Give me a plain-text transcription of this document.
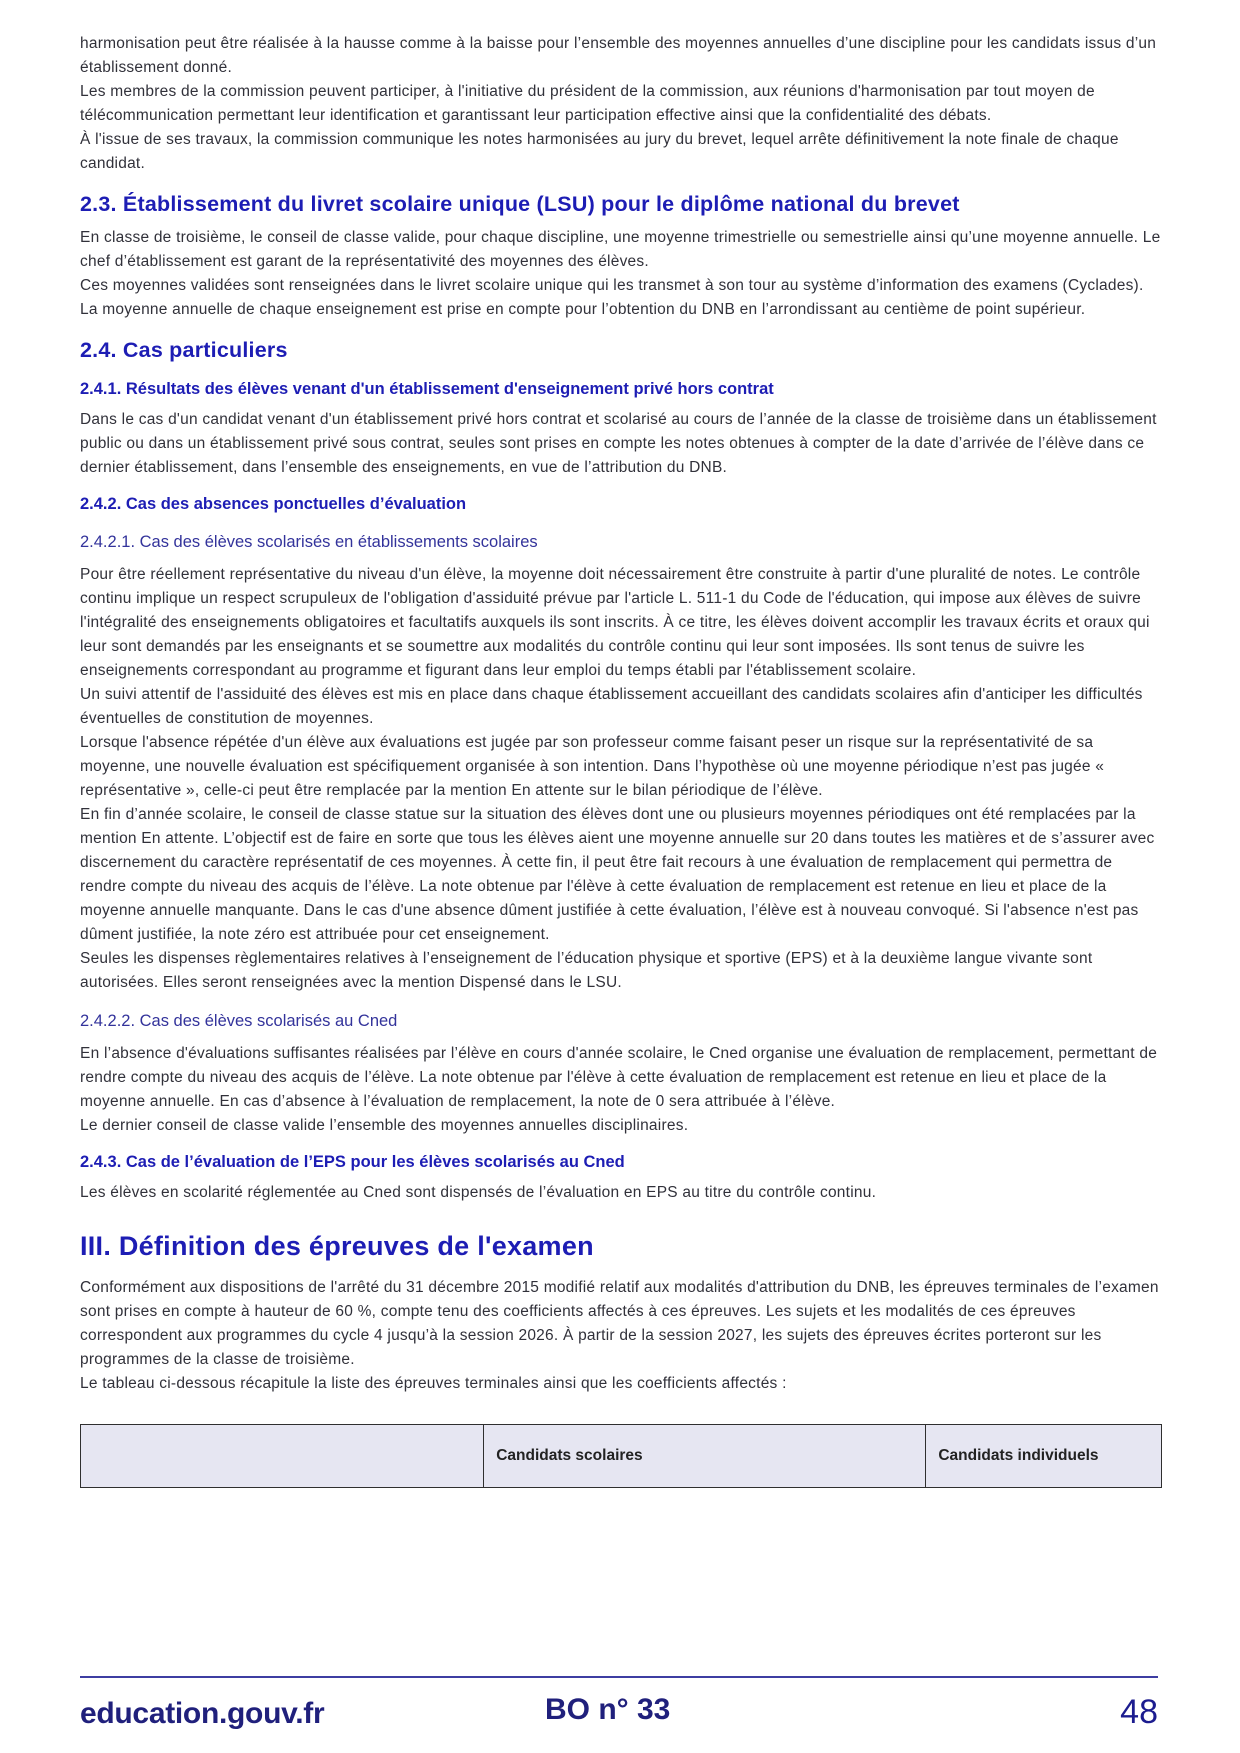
harmonisation peut être réalisée à la hausse comme à la baisse pour l’ensemble des moyennes annuelles d’une discipline pour les candidats issus d’un établissement donné.

Les membres de la commission peuvent participer, à l'initiative du président de la commission, aux réunions d'harmonisation par tout moyen de télécommunication permettant leur identification et garantissant leur participation effective ainsi que la confidentialité des débats.

À l'issue de ses travaux, la commission communique les notes harmonisées au jury du brevet, lequel arrête définitivement la note finale de chaque candidat.

2.3. Établissement du livret scolaire unique (LSU) pour le diplôme national du brevet

En classe de troisième, le conseil de classe valide, pour chaque discipline, une moyenne trimestrielle ou semestrielle ainsi qu’une moyenne annuelle. Le chef d’établissement est garant de la représentativité des moyennes des élèves.

Ces moyennes validées sont renseignées dans le livret scolaire unique qui les transmet à son tour au système d’information des examens (Cyclades). La moyenne annuelle de chaque enseignement est prise en compte pour l’obtention du DNB en l’arrondissant au centième de point supérieur.

2.4. Cas particuliers
2.4.1. Résultats des élèves venant d'un établissement d'enseignement privé hors contrat

Dans le cas d'un candidat venant d'un établissement privé hors contrat et scolarisé au cours de l’année de la classe de troisième dans un établissement public ou dans un établissement privé sous contrat, seules sont prises en compte les notes obtenues à compter de la date d’arrivée de l’élève dans ce dernier établissement, dans l’ensemble des enseignements, en vue de l’attribution du DNB.

2.4.2. Cas des absences ponctuelles d’évaluation
2.4.2.1. Cas des élèves scolarisés en établissements scolaires

Pour être réellement représentative du niveau d'un élève, la moyenne doit nécessairement être construite à partir d'une pluralité de notes. Le contrôle continu implique un respect scrupuleux de l'obligation d'assiduité prévue par l'article L. 511-1 du Code de l'éducation, qui impose aux élèves de suivre l'intégralité des enseignements obligatoires et facultatifs auxquels ils sont inscrits. À ce titre, les élèves doivent accomplir les travaux écrits et oraux qui leur sont demandés par les enseignants et se soumettre aux modalités du contrôle continu qui leur sont imposées. Ils sont tenus de suivre les enseignements correspondant au programme et figurant dans leur emploi du temps établi par l'établissement scolaire.

Un suivi attentif de l'assiduité des élèves est mis en place dans chaque établissement accueillant des candidats scolaires afin d'anticiper les difficultés éventuelles de constitution de moyennes.

Lorsque l'absence répétée d'un élève aux évaluations est jugée par son professeur comme faisant peser un risque sur la représentativité de sa moyenne, une nouvelle évaluation est spécifiquement organisée à son intention. Dans l’hypothèse où une moyenne périodique n’est pas jugée « représentative », celle-ci peut être remplacée par la mention En attente sur le bilan périodique de l’élève.

En fin d’année scolaire, le conseil de classe statue sur la situation des élèves dont une ou plusieurs moyennes périodiques ont été remplacées par la mention En attente. L’objectif est de faire en sorte que tous les élèves aient une moyenne annuelle sur 20 dans toutes les matières et de s’assurer avec discernement du caractère représentatif de ces moyennes. À cette fin, il peut être fait recours à une évaluation de remplacement qui permettra de rendre compte du niveau des acquis de l’élève. La note obtenue par l'élève à cette évaluation de remplacement est retenue en lieu et place de la moyenne annuelle manquante. Dans le cas d'une absence dûment justifiée à cette évaluation, l’élève est à nouveau convoqué. Si l'absence n'est pas dûment justifiée, la note zéro est attribuée pour cet enseignement.

Seules les dispenses règlementaires relatives à l’enseignement de l’éducation physique et sportive (EPS) et à la deuxième langue vivante sont autorisées. Elles seront renseignées avec la mention Dispensé dans le LSU.

2.4.2.2. Cas des élèves scolarisés au Cned

En l’absence d'évaluations suffisantes réalisées par l’élève en cours d'année scolaire, le Cned organise une évaluation de remplacement, permettant de rendre compte du niveau des acquis de l’élève. La note obtenue par l'élève à cette évaluation de remplacement est retenue en lieu et place de la moyenne annuelle. En cas d’absence à l’évaluation de remplacement, la note de 0 sera attribuée à l’élève.

Le dernier conseil de classe valide l’ensemble des moyennes annuelles disciplinaires.

2.4.3. Cas de l’évaluation de l’EPS pour les élèves scolarisés au Cned

Les élèves en scolarité réglementée au Cned sont dispensés de l’évaluation en EPS au titre du contrôle continu.

III. Définition des épreuves de l'examen

Conformément aux dispositions de l'arrêté du 31 décembre 2015 modifié relatif aux modalités d'attribution du DNB, les épreuves terminales de l’examen sont prises en compte à hauteur de 60 %, compte tenu des coefficients affectés à ces épreuves. Les sujets et les modalités de ces épreuves correspondent aux programmes du cycle 4 jusqu’à la session 2026. À partir de la session 2027, les sujets des épreuves écrites porteront sur les programmes de la classe de troisième.

Le tableau ci-dessous récapitule la liste des épreuves terminales ainsi que les coefficients affectés :

	Candidats scolaires	Candidats individuels
education.gouv.fr	BO n° 33	48
